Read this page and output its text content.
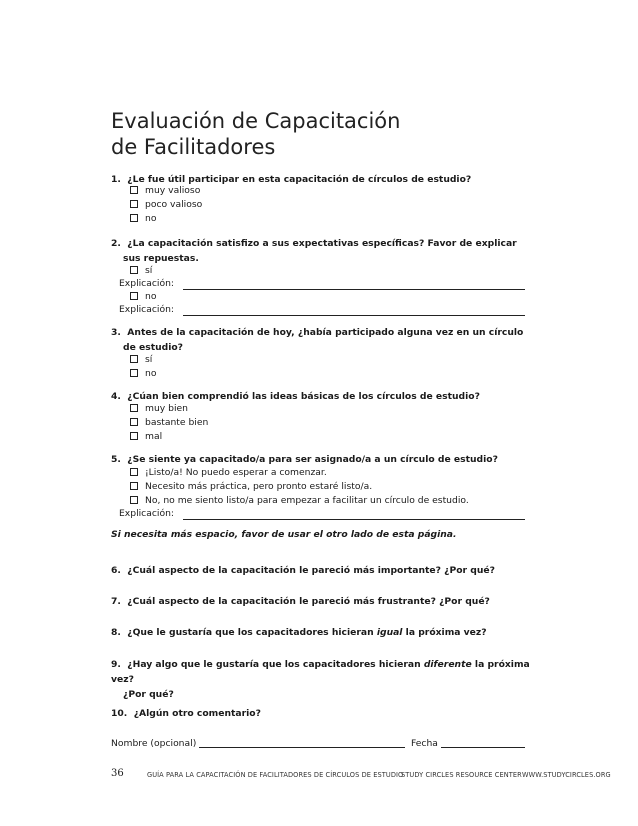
Evaluación de Capacitación
de Facilitadores
1. ¿Le fue útil participar en esta capacitación de círculos de estudio?
muy valioso
poco valioso
no
2. ¿La capacitación satisfizo a sus expectativas específicas? Favor de explicar
sus repuestas.
sí
Explicación:
no
Explicación:
3. Antes de la capacitación de hoy, ¿había participado alguna vez en un círculo
de estudio?
sí
no
4. ¿Cúan bien comprendió las ideas básicas de los círculos de estudio?
muy bien
bastante bien
mal
5. ¿Se siente ya capacitado/a para ser asignado/a a un círculo de estudio?
¡Listo/a! No puedo esperar a comenzar.
Necesito más práctica, pero pronto estaré listo/a.
No, no me siento listo/a para empezar a facilitar un círculo de estudio.
Explicación:
Si necesita más espacio, favor de usar el otro lado de esta página.
6. ¿Cuál aspecto de la capacitación le pareció más importante? ¿Por qué?
7. ¿Cuál aspecto de la capacitación le pareció más frustrante? ¿Por qué?
8. ¿Que le gustaría que los capacitadores hicieran igual la próxima vez?
9. ¿Hay algo que le gustaría que los capacitadores hicieran diferente la próxima vez?
¿Por qué?
10. ¿Algún otro comentario?
Nombre (opcional)	Fecha
36	GUÍA PARA LA CAPACITACIÓN DE FACILITADORES DE CÍRCULOS DE ESTUDIO
STUDY CIRCLES RESOURCE CENTER WWW.STUDYCIRCLES.ORG
